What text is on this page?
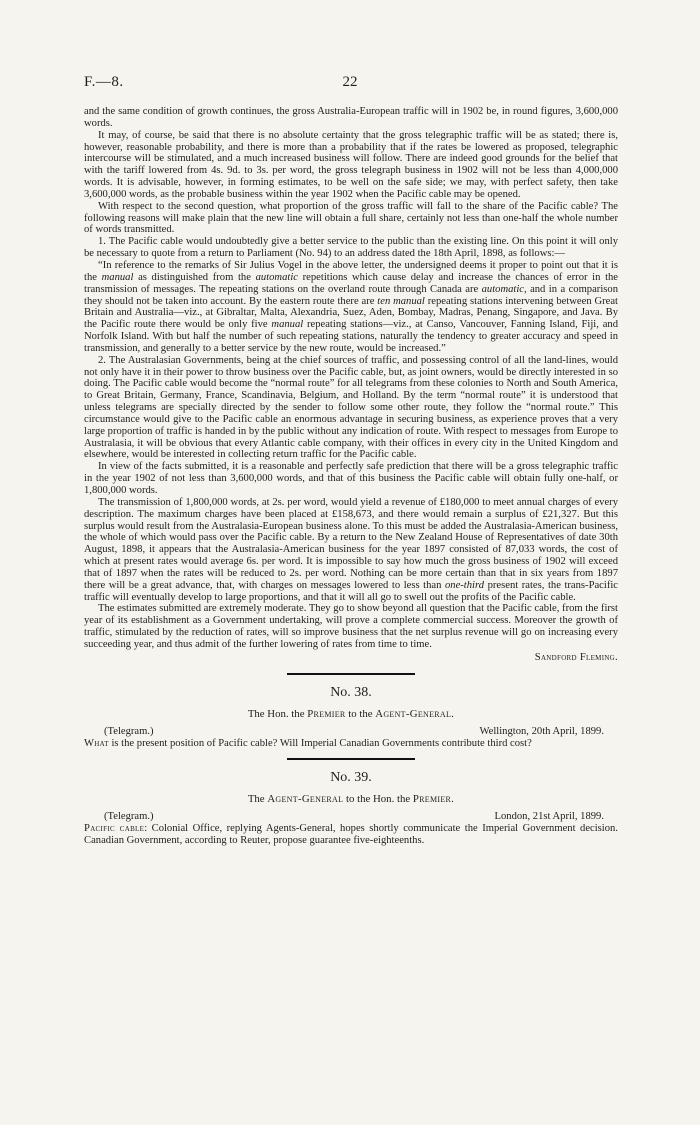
F.—8.	22

and the same condition of growth continues, the gross Australia-European traffic will in 1902 be, in round figures, 3,600,000 words.

It may, of course, be said that there is no absolute certainty that the gross telegraphic traffic will be as stated; there is, however, reasonable probability, and there is more than a probability that if the rates be lowered as proposed, telegraphic intercourse will be stimulated, and a much increased business will follow. There are indeed good grounds for the belief that with the tariff lowered from 4s. 9d. to 3s. per word, the gross telegraph business in 1902 will not be less than 4,000,000 words. It is advisable, however, in forming estimates, to be well on the safe side; we may, with perfect safety, then take 3,600,000 words, as the probable business within the year 1902 when the Pacific cable may be opened.

With respect to the second question, what proportion of the gross traffic will fall to the share of the Pacific cable? The following reasons will make plain that the new line will obtain a full share, certainly not less than one-half the whole number of words transmitted.

1. The Pacific cable would undoubtedly give a better service to the public than the existing line. On this point it will only be necessary to quote from a return to Parliament (No. 94) to an address dated the 18th April, 1898, as follows:—

“In reference to the remarks of Sir Julius Vogel in the above letter, the undersigned deems it proper to point out that it is the manual as distinguished from the automatic repetitions which cause delay and increase the chances of error in the transmission of messages. The repeating stations on the overland route through Canada are automatic, and in a comparison they should not be taken into account. By the eastern route there are ten manual repeating stations intervening between Great Britain and Australia—viz., at Gibraltar, Malta, Alexandria, Suez, Aden, Bombay, Madras, Penang, Singapore, and Java. By the Pacific route there would be only five manual repeating stations—viz., at Canso, Vancouver, Fanning Island, Fiji, and Norfolk Island. With but half the number of such repeating stations, naturally the tendency to greater accuracy and speed in transmission, and generally to a better service by the new route, would be increased.”

2. The Australasian Governments, being at the chief sources of traffic, and possessing control of all the land-lines, would not only have it in their power to throw business over the Pacific cable, but, as joint owners, would be directly interested in so doing. The Pacific cable would become the “normal route” for all telegrams from these colonies to North and South America, to Great Britain, Germany, France, Scandinavia, Belgium, and Holland. By the term “normal route” it is understood that unless telegrams are specially directed by the sender to follow some other route, they follow the “normal route.” This circumstance would give to the Pacific cable an enormous advantage in securing business, as experience proves that a very large proportion of traffic is handed in by the public without any indication of route. With respect to messages from Europe to Australasia, it will be obvious that every Atlantic cable company, with their offices in every city in the United Kingdom and elsewhere, would be interested in collecting return traffic for the Pacific cable.

In view of the facts submitted, it is a reasonable and perfectly safe prediction that there will be a gross telegraphic traffic in the year 1902 of not less than 3,600,000 words, and that of this business the Pacific cable will obtain fully one-half, or 1,800,000 words.

The transmission of 1,800,000 words, at 2s. per word, would yield a revenue of £180,000 to meet annual charges of every description. The maximum charges have been placed at £158,673, and there would remain a surplus of £21,327. But this surplus would result from the Australasia-European business alone. To this must be added the Australasia-American business, the whole of which would pass over the Pacific cable. By a return to the New Zealand House of Representatives of date 30th August, 1898, it appears that the Australasia-American business for the year 1897 consisted of 87,033 words, the cost of which at present rates would average 6s. per word. It is impossible to say how much the gross business of 1902 will exceed that of 1897 when the rates will be reduced to 2s. per word. Nothing can be more certain than that in six years from 1897 there will be a great advance, that, with charges on messages lowered to less than one-third present rates, the trans-Pacific traffic will eventually develop to large proportions, and that it will all go to swell out the profits of the Pacific cable.

The estimates submitted are extremely moderate. They go to show beyond all question that the Pacific cable, from the first year of its establishment as a Government undertaking, will prove a complete commercial success. Moreover the growth of traffic, stimulated by the reduction of rates, will so improve business that the net surplus revenue will go on increasing every succeeding year, and thus admit of the further lowering of rates from time to time.

Sandford Fleming.

No. 38.
The Hon. the Premier to the Agent-General.
(Telegram.)	Wellington, 20th April, 1899.

What is the present position of Pacific cable? Will Imperial Canadian Governments contribute third cost?

No. 39.
The Agent-General to the Hon. the Premier.
(Telegram.)	London, 21st April, 1899.

Pacific cable: Colonial Office, replying Agents-General, hopes shortly communicate the Imperial Government decision. Canadian Government, according to Reuter, propose guarantee five-eighteenths.
